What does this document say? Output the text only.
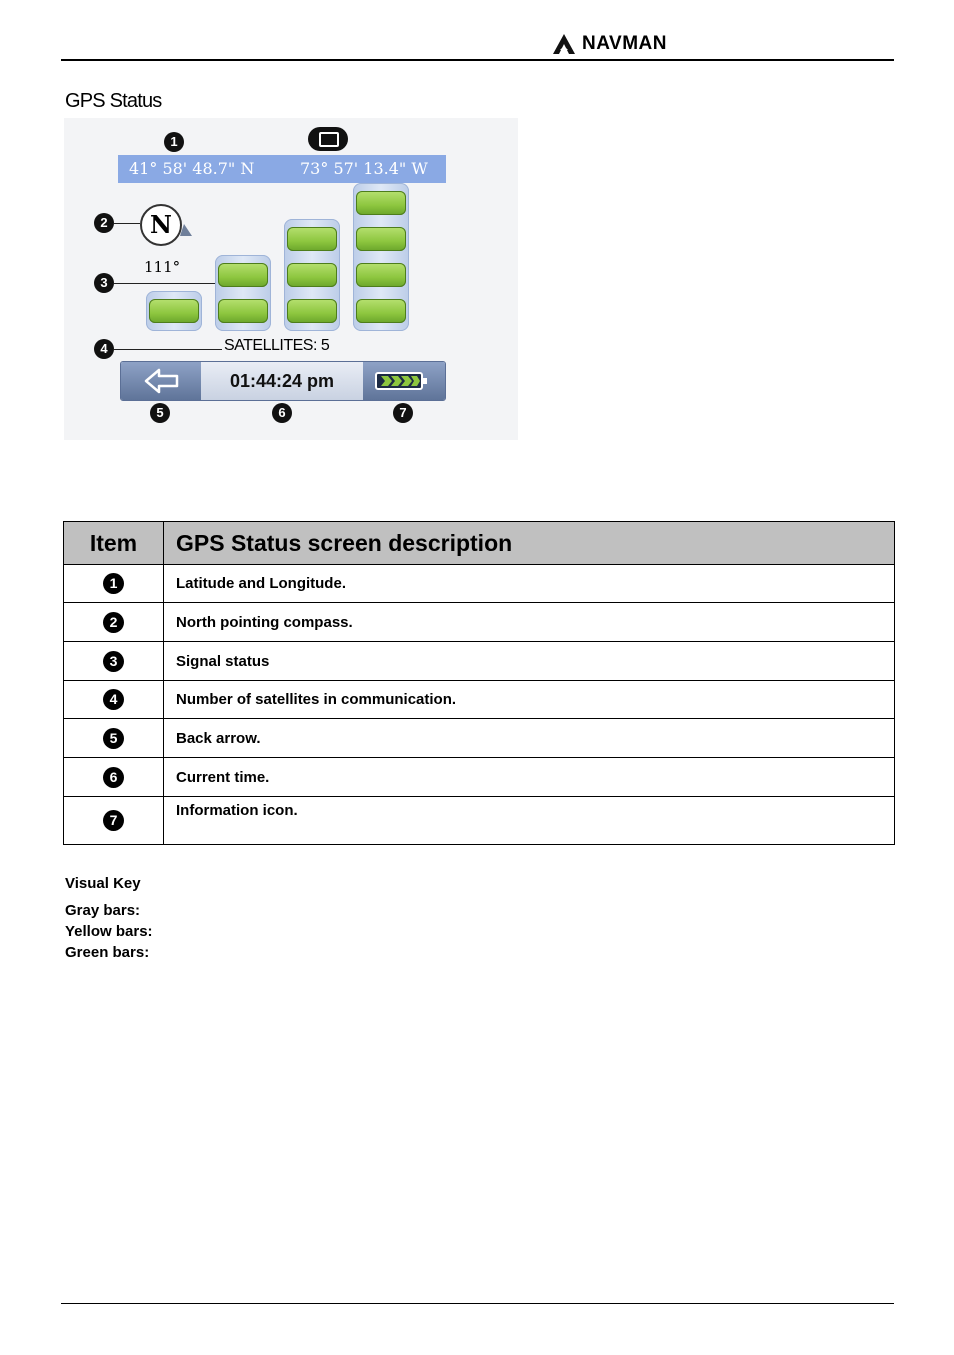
NAVMAN
GPS Status
1
41° 58' 48.7" N	73° 57' 13.4" W
2	N
111°
3
4	SATELLITES: 5
01:44:24 pm
5	6	7
Item	GPS Status screen description
1	Latitude and Longitude.
2	North pointing compass.
3	Signal status
4	Number of satellites in communication.
5	Back arrow.
6	Current time.
7	Information icon.
Visual Key
Gray bars:
Yellow bars:
Green bars:
